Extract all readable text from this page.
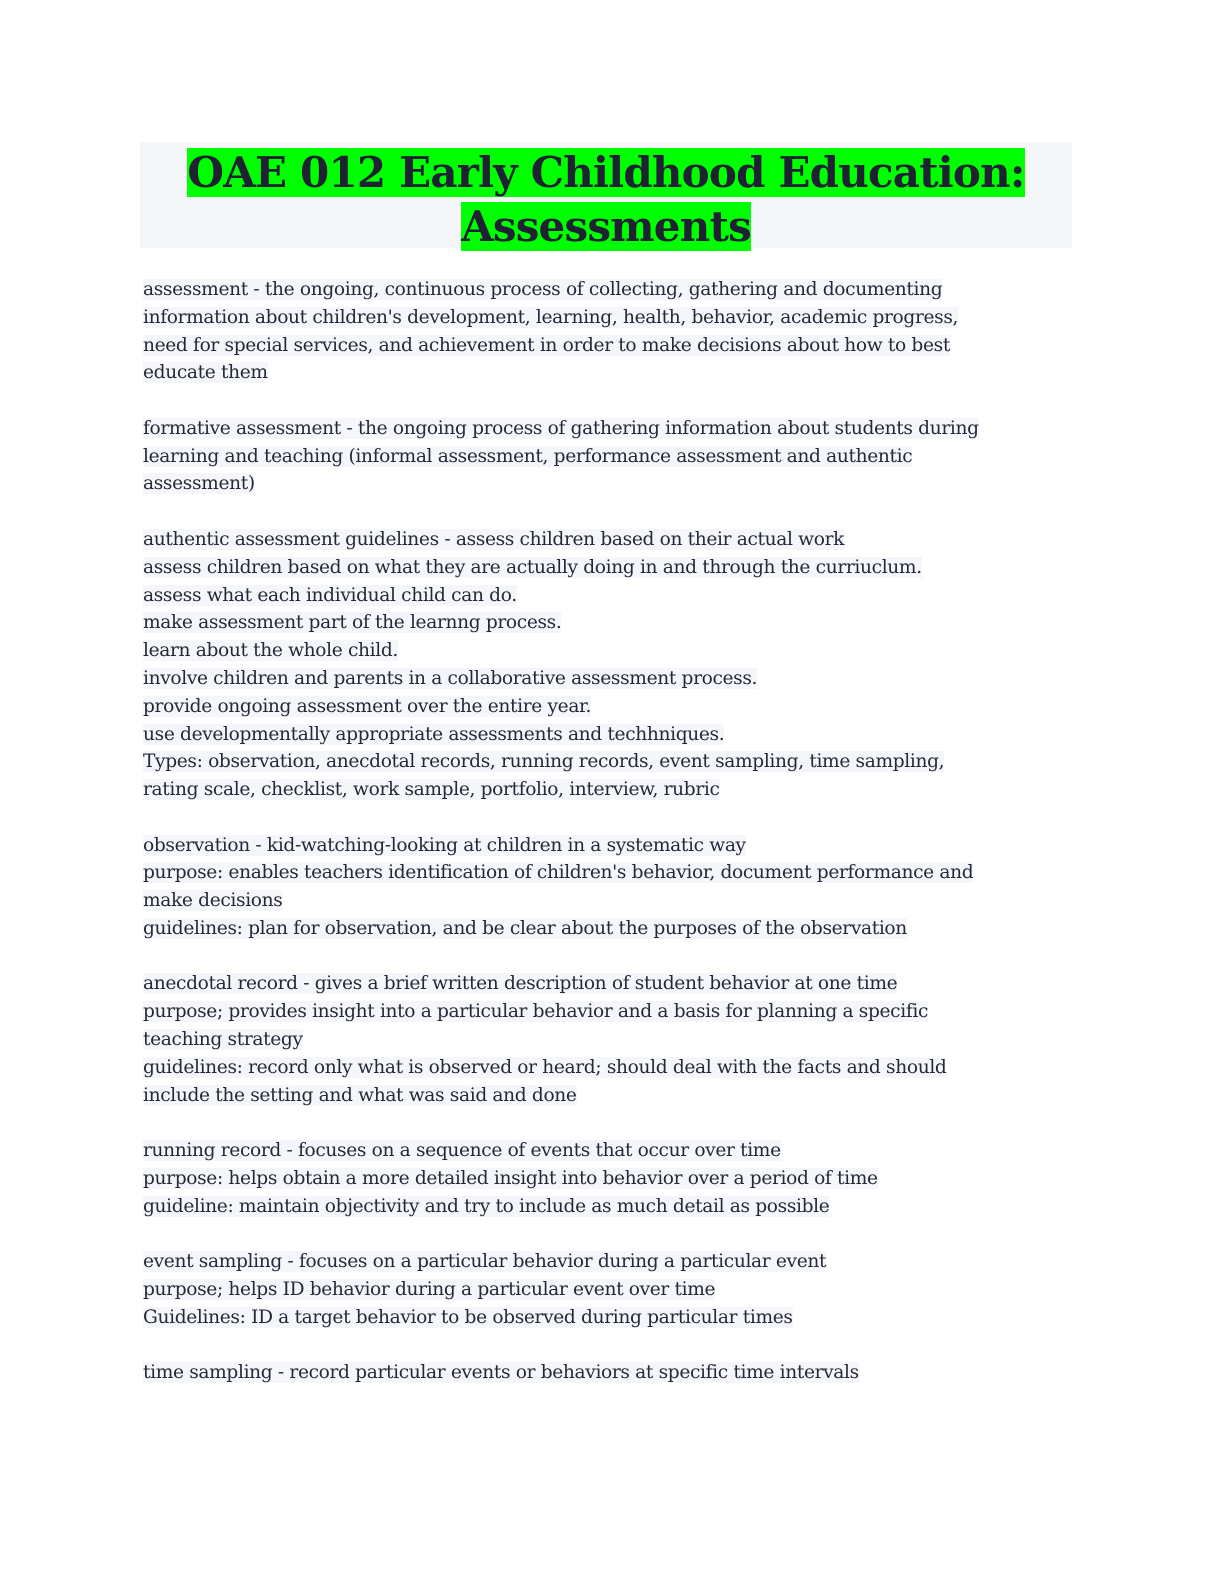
OAE 012 Early Childhood Education:
Assessments
assessment - the ongoing, continuous process of collecting, gathering and documenting
information about children's development, learning, health, behavior, academic progress,
need for special services, and achievement in order to make decisions about how to best
educate them
formative assessment - the ongoing process of gathering information about students during
learning and teaching (informal assessment, performance assessment and authentic
assessment)
authentic assessment guidelines - assess children based on their actual work
assess children based on what they are actually doing in and through the curriuclum.
assess what each individual child can do.
make assessment part of the learnng process.
learn about the whole child.
involve children and parents in a collaborative assessment process.
provide ongoing assessment over the entire year.
use developmentally appropriate assessments and techhniques.
Types: observation, anecdotal records, running records, event sampling, time sampling,
rating scale, checklist, work sample, portfolio, interview, rubric
observation - kid-watching-looking at children in a systematic way
purpose: enables teachers identification of children's behavior, document performance and
make decisions
guidelines: plan for observation, and be clear about the purposes of the observation
anecdotal record - gives a brief written description of student behavior at one time
purpose; provides insight into a particular behavior and a basis for planning a specific
teaching strategy
guidelines: record only what is observed or heard; should deal with the facts and should
include the setting and what was said and done
running record - focuses on a sequence of events that occur over time
purpose: helps obtain a more detailed insight into behavior over a period of time
guideline: maintain objectivity and try to include as much detail as possible
event sampling - focuses on a particular behavior during a particular event
purpose; helps ID behavior during a particular event over time
Guidelines: ID a target behavior to be observed during particular times
time sampling - record particular events or behaviors at specific time intervals
